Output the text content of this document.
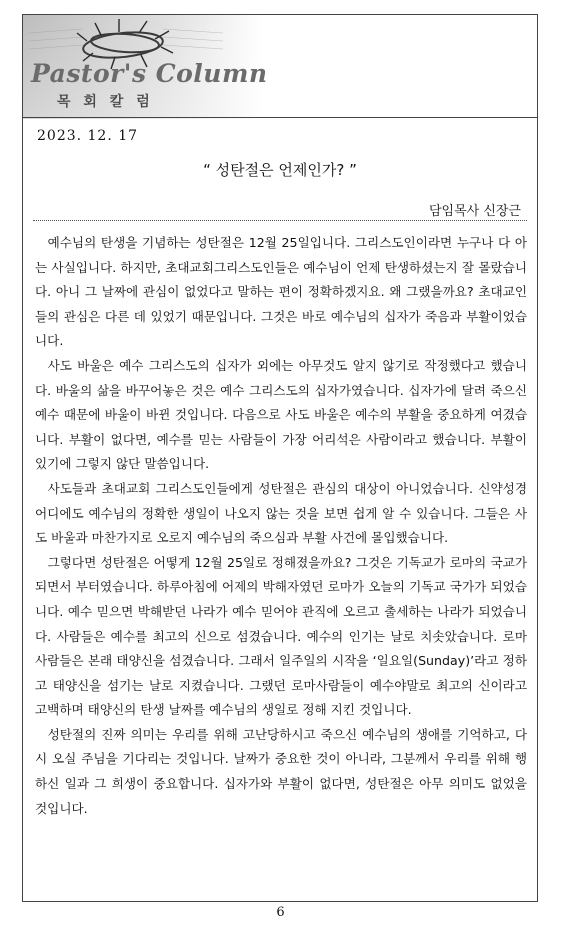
Pastor's Column
목 회 칼 럼
2023. 12. 17
“ 성탄절은 언제인가? ”
담임목사 신장근

예수님의 탄생을 기념하는 성탄절은 12월 25일입니다. 그리스도인이라면 누구나 다 아는 사실입니다. 하지만, 초대교회그리스도인들은 예수님이 언제 탄생하셨는지 잘 몰랐습니다. 아니 그 날짜에 관심이 없었다고 말하는 편이 정확하겠지요. 왜 그랬을까요? 초대교인들의 관심은 다른 데 있었기 때문입니다. 그것은 바로 예수님의 십자가 죽음과 부활이었습니다.

사도 바울은 예수 그리스도의 십자가 외에는 아무것도 알지 않기로 작정했다고 했습니다. 바울의 삶을 바꾸어놓은 것은 예수 그리스도의 십자가였습니다. 십자가에 달려 죽으신 예수 때문에 바울이 바뀐 것입니다. 다음으로 사도 바울은 예수의 부활을 중요하게 여겼습니다. 부활이 없다면, 예수를 믿는 사람들이 가장 어리석은 사람이라고 했습니다. 부활이 있기에 그렇지 않단 말씀입니다.

사도들과 초대교회 그리스도인들에게 성탄절은 관심의 대상이 아니었습니다. 신약성경 어디에도 예수님의 정확한 생일이 나오지 않는 것을 보면 쉽게 알 수 있습니다. 그들은 사도 바울과 마찬가지로 오로지 예수님의 죽으심과 부활 사건에 몰입했습니다.

그렇다면 성탄절은 어떻게 12월 25일로 정해졌을까요? 그것은 기독교가 로마의 국교가 되면서 부터였습니다. 하루아침에 어제의 박해자였던 로마가 오늘의 기독교 국가가 되었습니다. 예수 믿으면 박해받던 나라가 예수 믿어야 관직에 오르고 출세하는 나라가 되었습니다. 사람들은 예수를 최고의 신으로 섬겼습니다. 예수의 인기는 날로 치솟았습니다. 로마 사람들은 본래 태양신을 섬겼습니다. 그래서 일주일의 시작을 ‘일요일(Sunday)’라고 정하고 태양신을 섬기는 날로 지켰습니다. 그랬던 로마사람들이 예수야말로 최고의 신이라고 고백하며 태양신의 탄생 날짜를 예수님의 생일로 정해 지킨 것입니다.

성탄절의 진짜 의미는 우리를 위해 고난당하시고 죽으신 예수님의 생애를 기억하고, 다시 오실 주님을 기다리는 것입니다. 날짜가 중요한 것이 아니라, 그분께서 우리를 위해 행하신 일과 그 희생이 중요합니다. 십자가와 부활이 없다면, 성탄절은 아무 의미도 없었을 것입니다.

6
